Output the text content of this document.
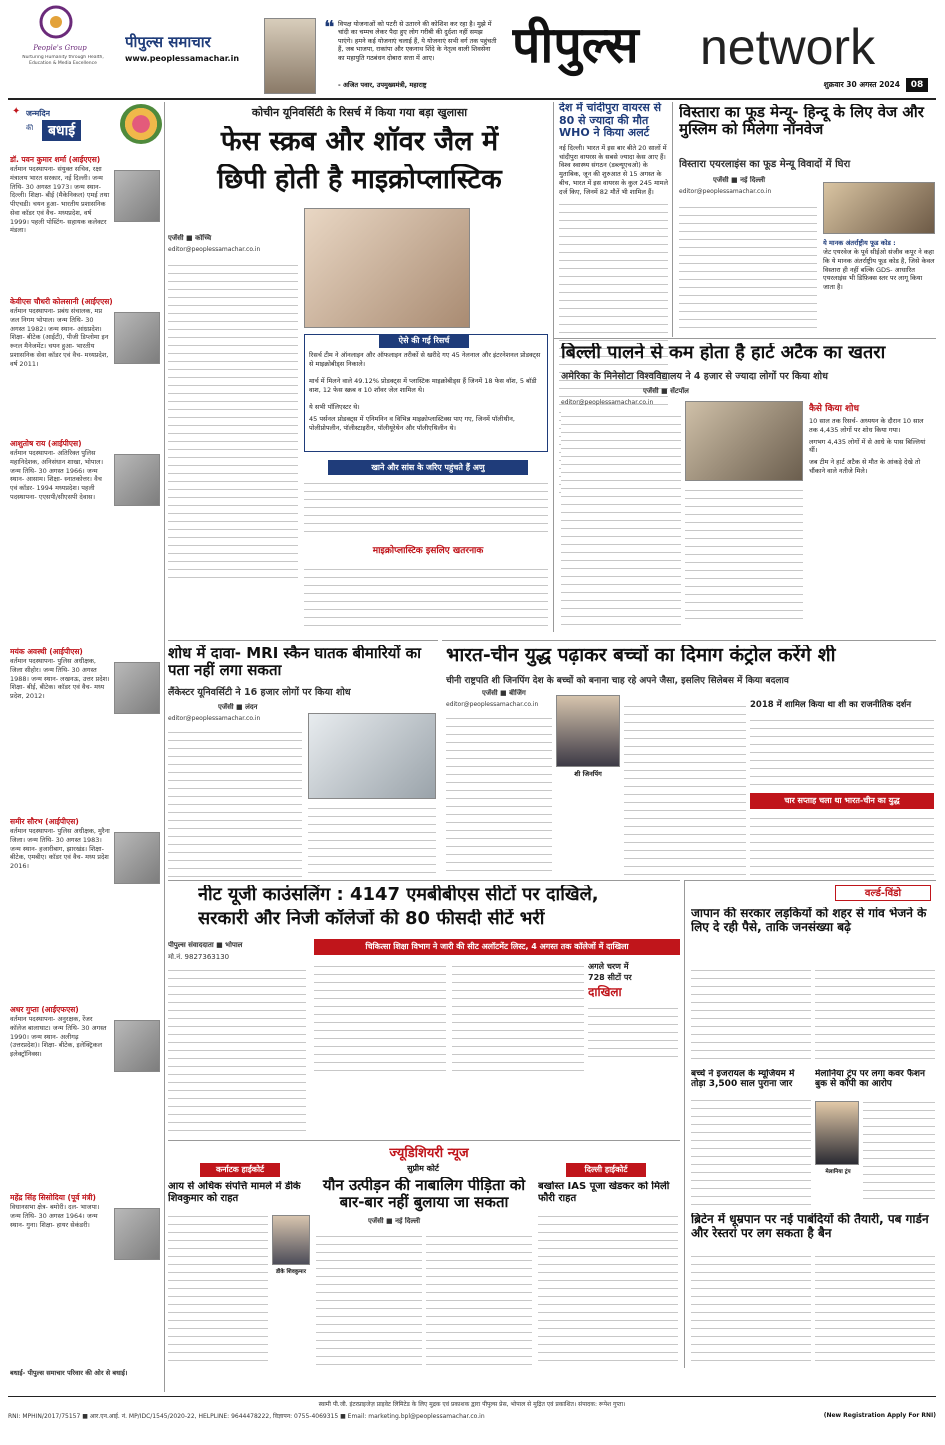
People's Group
Nurturing Humanity through Health, Education & Media Excellence
पीपुल्स समाचार
www.peoplessamachar.in
❝ विपक्ष योजनाओं को पटरी से उतारने की कोशिश कर रहा है। मुझे में चांदी का चम्मच लेकर पैदा हुए लोग गरीबी की दुर्दशा नहीं समझ पाएंगे। हमने कई योजनाएं चलाई हैं, ये योजनाएं सभी वर्ग तक पहुंचती हैं, जब भाजपा, राकांपा और एकनाथ शिंदे के नेतृत्व वाली शिवसेना का महायुति गठबंधन दोबारा सत्ता में आए।
- अजित पवार, उपमुख्यमंत्री, महाराष्ट्र
पीपुल्स	network
शुक्रवार 30 अगस्त 2024	08
✦ जन्मदिन
की	बधाई
डॉ. पवन कुमार शर्मा (आईएएस)
वर्तमान पदस्थापना- संयुक्त सचिव, रक्षा मंत्रालय भारत सरकार, नई दिल्ली। जन्म तिथि- 30 अगस्त 1973। जन्म स्थान- दिल्ली। शिक्षा- बीई (मैकेनिकल) एमई तथा पीएचडी। चयन हुआ- भारतीय प्रशासनिक सेवा कॉडर एवं वैच- मध्यप्रदेश, वर्ष 1999। पहली पोस्टिंग- सहायक कलेक्टर मंडला।
केवीएस चौधरी कोलसानी (आईएएस)
वर्तमान पदस्थापना- प्रबंध संचालक, मप्र जल निगम भोपाल। जन्म तिथि- 30 अगस्त 1982। जन्म स्थान- आंध्रप्रदेश। शिक्षा- बीटेक (आईटी), पीजी डिप्लोमा इन रूरल मैनेजमेंट। चयन हुआ- भारतीय प्रशासनिक सेवा कॉडर एवं वैच- मध्यप्रदेश, वर्ष 2011।
आशुतोष राय (आईपीएस)
वर्तमान पदस्थापना- अतिरिक्त पुलिस महानिदेशक, अनिसंधान शाखा, भोपाल। जन्म तिथि- 30 अगस्त 1966। जन्म स्थान- आसाम। शिक्षा- स्नातकोत्तर। वैच एवं कॉडर- 1994 मध्यप्रदेश। पहली पदस्थापना- एएसपी/सीएसपी देवास।
मयंक अवस्थी (आईपीएस)
वर्तमान पदस्थापना- पुलिस अधीक्षक, जिला सीहोर। जन्म तिथि- 30 अगस्त 1988। जन्म स्थान- लखनऊ, उत्तर प्रदेश। शिक्षा- बीई, बीटेक। कॉडर एवं वैच- मध्य प्रदेश, 2012।
समीर सौरभ (आईपीएस)
वर्तमान पदस्थापना- पुलिस अधीक्षक, मुरैना जिला। जन्म तिथि- 30 अगस्त 1983। जन्म स्थान- हजारीबाग, झारखंड। शिक्षा- बीटेक, एमबीए। कॉडर एवं वैच- मध्य प्रदेश 2016।
अधर गुप्ता (आईएफएस)
वर्तमान पदस्थापना- अनुरक्षक, रेंजर कॉलेज बालाघाट। जन्म तिथि- 30 अगस्त 1990। जन्म स्थान- अलीगढ़ (उत्तरप्रदेश)। शिक्षा- बीटेक, इलेक्ट्रिकल इलेक्ट्रॉनिक्स।
महेंद्र सिंह सिसोदिया (पूर्व मंत्री)
विधानसभा क्षेत्र- बमोरी। दल- भाजपा। जन्म तिथि- 30 अगस्त 1964। जन्म स्थान- गुना। शिक्षा- हायर सेकंडरी।
बधाई- पीपुल्स समाचार परिवार की ओर से बधाई।
कोचीन यूनिवर्सिटी के रिसर्च में किया गया बड़ा खुलासा
फेस स्क्रब और शॉवर जैल में
छिपी होती है माइक्रोप्लास्टिक
एजेंसी ■ कोच्चि
editor@peoplessamachar.co.in
ऐसे की गई रिसर्च
रिसर्च टीम ने ऑनलाइन और ऑफलाइन तरीकों से खरीदे गए 45 नेलनाल और इंटरनेशनल प्रोडक्ट्स से माइक्रोबीड्स निकाले।
मार्च में मिलने वाले 49.12% प्रोडक्ट्स में प्लास्टिक माइक्रोबीड्स हैं जिनमें 18 फेस वॉश, 5 बॉडी वाश, 12 फेस स्क्रब व 10 शॉवर जेल शामिल थे।
ये सभी पॉलिएस्टर थे।
45 पर्सनल प्रोडक्ट्स में एनिमनिन व विभिन्न माइक्रोप्लास्टिक्स पाए गए, जिनमें पॉलीथीन, पोलीप्रोपलीन, पॉलीस्टाइरीन, पॉलीयूरेथेन और पॉलीएथिलीन थे।
खाने और सांस के जरिए पहुंचते हैं अणु
माइक्रोप्लास्टिक इसलिए खतरनाक
देश में चांदीपुरा वायरस से 80 से ज्यादा की मौत WHO ने किया अलर्ट
नई दिल्ली। भारत में इस बार बीते 20 सालों में चांदीपुरा वायरस के सबसे ज्यादा केस आए हैं। विश्व स्वास्थ्य संगठन (डब्ल्यूएचओ) के मुताबिक, जून की शुरुआत से 15 अगस्त के बीच, भारत में इस वायरस के कुल 245 मामले दर्ज किए, जिनमें 82 मौतें भी शामिल हैं।
विस्तारा का फूड मेन्यू- हिन्दू के लिए वेज और मुस्लिम को मिलेगा नॉनवेज
विस्तारा एयरलाइंस का फूड मेन्यू विवादों में घिरा
एजेंसी ■ नई दिल्ली
editor@peoplessamachar.co.in
ये मानक अंतर्राष्ट्रीय फूड कोड :
जेट एयरवेज के पूर्व सीईओ संजीव कपूर ने कहा कि ये मानक अंतर्राष्ट्रीय फूड कोड है, जिसे केवल विस्तारा ही नहीं बल्कि GDS- आधारित एयरलाइंस भी डिफ़िक्स स्तर पर लागू किया जाता है।
बिल्ली पालने से कम होता है हार्ट अटैक का खतरा
अमेरिका के मिनेसोटा विश्वविद्यालय ने 4 हजार से ज्यादा लोगों पर किया शोध
एजेंसी ■ सेंटपॉल
editor@peoplessamachar.co.in
कैसे किया शोध
10 साल तक रिसर्च- अध्ययन के दौरान 10 साल तक 4,435 लोगों पर शोध किया गया।
लगभग 4,435 लोगों में से आधे के पास बिल्लियां थीं।
जब टीम ने हार्ट अटैक से मौत के आंकड़े देखे तो चौंकाने वाले नतीजे मिले।
शोध में दावा- MRI स्कैन घातक बीमारियों का पता नहीं लगा सकता
लैंकेस्टर यूनिवर्सिटी ने 16 हजार लोगों पर किया शोध
एजेंसी ■ लंदन
editor@peoplessamachar.co.in
भारत-चीन युद्ध पढ़ाकर बच्चों का दिमाग कंट्रोल करेंगे शी
चीनी राष्ट्रपति शी जिनपिंग देश के बच्चों को बनाना चाह रहे अपने जैसा, इसलिए सिलेबस में किया बदलाव
एजेंसी ■ बीजिंग
editor@peoplessamachar.co.in
शी जिनपिंग
2018 में शामिल किया था शी का राजनीतिक दर्शन
चार सप्ताह चला था भारत-चीन का युद्ध
नीट यूजी काउंसलिंग : 4147 एमबीबीएस सीटों पर दाखिले,
सरकारी और निजी कॉलेजों की 80 फीसदी सीटें भरीं
पीपुल्स संवाददाता ■ भोपाल
मो.नं. 9827363130
चिकित्सा शिक्षा विभाग ने जारी की सीट अलॉटमेंट लिस्ट, 4 अगस्त तक कॉलेजों में दाखिला
अगले चरण में
728 सीटों पर
दाखिला
ज्यूडिशियरी न्यूज
कर्नाटक हाईकोर्ट
आय से अधिक संपत्ति मामले में डीके शिवकुमार को राहत
डीके शिवकुमार
सुप्रीम कोर्ट
यौन उत्पीड़न की नाबालिग पीड़िता को बार-बार नहीं बुलाया जा सकता
एजेंसी ■ नई दिल्ली
दिल्ली हाईकोर्ट
बर्खास्त IAS पूजा खेडकर को मिली फौरी राहत
वर्ल्ड-विंडो
जापान की सरकार लड़कियों को शहर से गांव भेजने के लिए दे रही पैसे, ताकि जनसंख्या बढ़े
बच्चे ने इजरायल के म्यूजियम में तोड़ा 3,500 साल पुराना जार
मेलानिया ट्रंप पर लगा कवर फैशन बुक से कॉपी का आरोप
मेलानिया ट्रंप
ब्रिटेन में धूम्रपान पर नई पाबंदियों की तैयारी, पब गार्डन और रेस्तरां पर लग सकता है बैन
स्वामी पी.जी. इंटरप्राइजेज़ प्राइवेट लिमिटेड के लिए मुद्रक एवं प्रकाशक द्वारा पीपुल्स प्रेस, भोपाल से मुद्रित एवं प्रकाशित। संपादक: रूपेश गुप्ता।
RNI: MPHIN/2017/75157 ■ आर.एन.आई. नं. MP/IDC/1545/2020-22, HELPLINE: 9644478222, विज्ञापन: 0755-4069315 ■ Email: marketing.bpl@peoplessamachar.co.in	(New Registration Apply For RNI)
